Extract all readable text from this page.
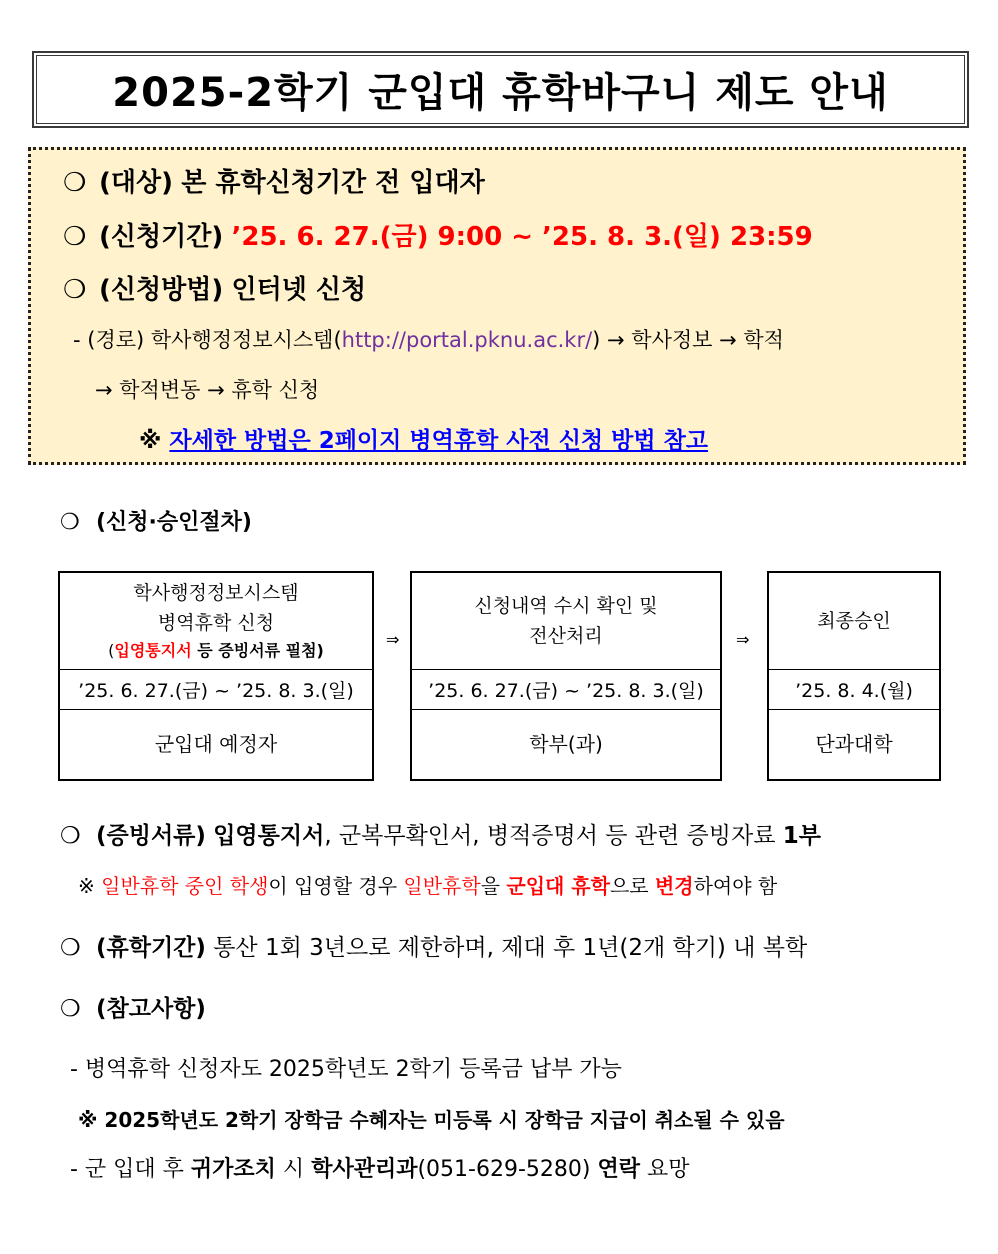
2025-2학기 군입대 휴학바구니 제도 안내
❍ (대상) 본 휴학신청기간 전 입대자
❍ (신청기간) ’25. 6. 27.(금) 9:00 ~ ’25. 8. 3.(일) 23:59
❍ (신청방법) 인터넷 신청
- (경로) 학사행정정보시스템(http://portal.pknu.ac.kr/) → 학사정보 → 학적
→ 학적변동 → 휴학 신청
※ 자세한 방법은 2페이지 병역휴학 사전 신청 방법 참고
❍ (신청·승인절차)
학사행정정보시스템
병역휴학 신청
(입영통지서 등 증빙서류 필첨)
’25. 6. 27.(금) ~ ’25. 8. 3.(일)
군입대 예정자
⇒
신청내역 수시 확인 및
전산처리
’25. 6. 27.(금) ~ ’25. 8. 3.(일)
학부(과)
⇒
최종승인
’25. 8. 4.(월)
단과대학
❍ (증빙서류) 입영통지서, 군복무확인서, 병적증명서 등 관련 증빙자료 1부
※ 일반휴학 중인 학생이 입영할 경우 일반휴학을 군입대 휴학으로 변경하여야 함
❍ (휴학기간) 통산 1회 3년으로 제한하며, 제대 후 1년(2개 학기) 내 복학
❍ (참고사항)
- 병역휴학 신청자도 2025학년도 2학기 등록금 납부 가능
※ 2025학년도 2학기 장학금 수혜자는 미등록 시 장학금 지급이 취소될 수 있음
- 군 입대 후 귀가조치 시 학사관리과(051-629-5280) 연락 요망
